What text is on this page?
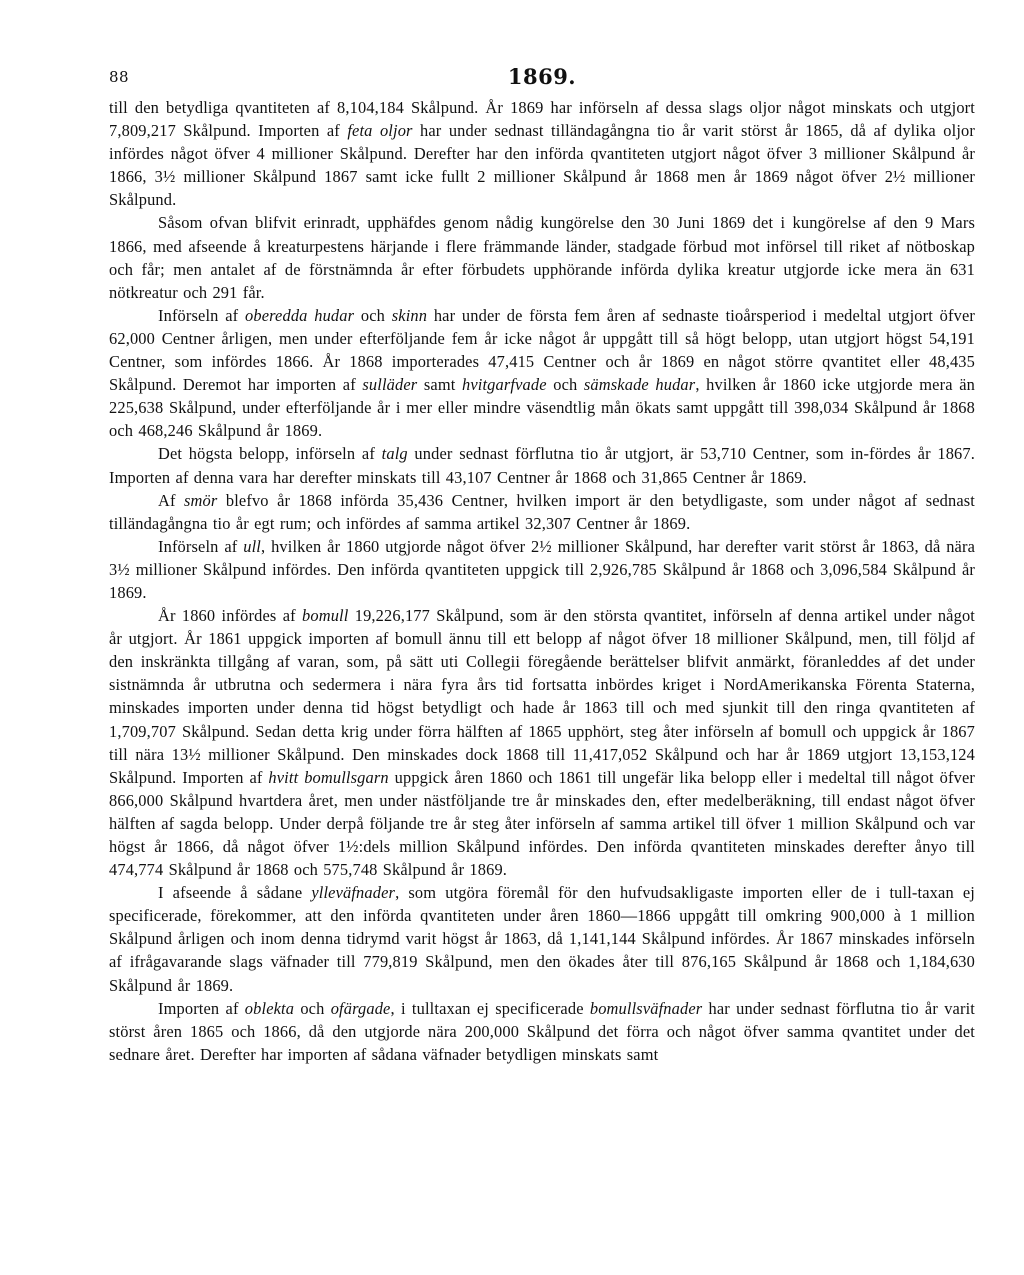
88	1869.

till den betydliga qvantiteten af 8,104,184 Skålpund. År 1869 har införseln af dessa slags oljor något minskats och utgjort 7,809,217 Skålpund. Importen af feta oljor har under sednast tilländagångna tio år varit störst år 1865, då af dylika oljor infördes något öfver 4 millioner Skålpund. Derefter har den införda qvantiteten utgjort något öfver 3 millioner Skålpund år 1866, 3½ millioner Skålpund 1867 samt icke fullt 2 millioner Skålpund år 1868 men år 1869 något öfver 2½ millioner Skålpund.

Såsom ofvan blifvit erinradt, upphäfdes genom nådig kungörelse den 30 Juni 1869 det i kungörelse af den 9 Mars 1866, med afseende å kreaturpestens härjande i flere främmande länder, stadgade förbud mot införsel till riket af nötboskap och får; men antalet af de förstnämnda år efter förbudets upphörande införda dylika kreatur utgjorde icke mera än 631 nötkreatur och 291 får.

Införseln af oberedda hudar och skinn har under de första fem åren af sednaste tioårsperiod i medeltal utgjort öfver 62,000 Centner årligen, men under efterföljande fem år icke något år uppgått till så högt belopp, utan utgjort högst 54,191 Centner, som infördes 1866. År 1868 importerades 47,415 Centner och år 1869 en något större qvantitet eller 48,435 Skålpund. Deremot har importen af sulläder samt hvitgarfvade och sämskade hudar, hvilken år 1860 icke utgjorde mera än 225,638 Skålpund, under efterföljande år i mer eller mindre väsendtlig mån ökats samt uppgått till 398,034 Skålpund år 1868 och 468,246 Skålpund år 1869.

Det högsta belopp, införseln af talg under sednast förflutna tio år utgjort, är 53,710 Centner, som in-fördes år 1867. Importen af denna vara har derefter minskats till 43,107 Centner år 1868 och 31,865 Centner år 1869.

Af smör blefvo år 1868 införda 35,436 Centner, hvilken import är den betydligaste, som under något af sednast tilländagångna tio år egt rum; och infördes af samma artikel 32,307 Centner år 1869.

Införseln af ull, hvilken år 1860 utgjorde något öfver 2½ millioner Skålpund, har derefter varit störst år 1863, då nära 3½ millioner Skålpund infördes. Den införda qvantiteten uppgick till 2,926,785 Skålpund år 1868 och 3,096,584 Skålpund år 1869.

År 1860 infördes af bomull 19,226,177 Skålpund, som är den största qvantitet, införseln af denna artikel under något år utgjort. År 1861 uppgick importen af bomull ännu till ett belopp af något öfver 18 millioner Skålpund, men, till följd af den inskränkta tillgång af varan, som, på sätt uti Collegii föregående berättelser blifvit anmärkt, föranleddes af det under sistnämnda år utbrutna och sedermera i nära fyra års tid fortsatta inbördes kriget i NordAmerikanska Förenta Staterna, minskades importen under denna tid högst betydligt och hade år 1863 till och med sjunkit till den ringa qvantiteten af 1,709,707 Skålpund. Sedan detta krig under förra hälften af 1865 upphört, steg åter införseln af bomull och uppgick år 1867 till nära 13½ millioner Skålpund. Den minskades dock 1868 till 11,417,052 Skålpund och har år 1869 utgjort 13,153,124 Skålpund. Importen af hvitt bomullsgarn uppgick åren 1860 och 1861 till ungefär lika belopp eller i medeltal till något öfver 866,000 Skålpund hvartdera året, men under nästföljande tre år minskades den, efter medelberäkning, till endast något öfver hälften af sagda belopp. Under derpå följande tre år steg åter införseln af samma artikel till öfver 1 million Skålpund och var högst år 1866, då något öfver 1½:dels million Skålpund infördes. Den införda qvantiteten minskades derefter ånyo till 474,774 Skålpund år 1868 och 575,748 Skålpund år 1869.

I afseende å sådane ylleväfnader, som utgöra föremål för den hufvudsakligaste importen eller de i tull-taxan ej specificerade, förekommer, att den införda qvantiteten under åren 1860—1866 uppgått till omkring 900,000 à 1 million Skålpund årligen och inom denna tidrymd varit högst år 1863, då 1,141,144 Skålpund infördes. År 1867 minskades införseln af ifrågavarande slags väfnader till 779,819 Skålpund, men den ökades åter till 876,165 Skålpund år 1868 och 1,184,630 Skålpund år 1869.

Importen af oblekta och ofärgade, i tulltaxan ej specificerade bomullsväfnader har under sednast förflutna tio år varit störst åren 1865 och 1866, då den utgjorde nära 200,000 Skålpund det förra och något öfver samma qvantitet under det sednare året. Derefter har importen af sådana väfnader betydligen minskats samt
